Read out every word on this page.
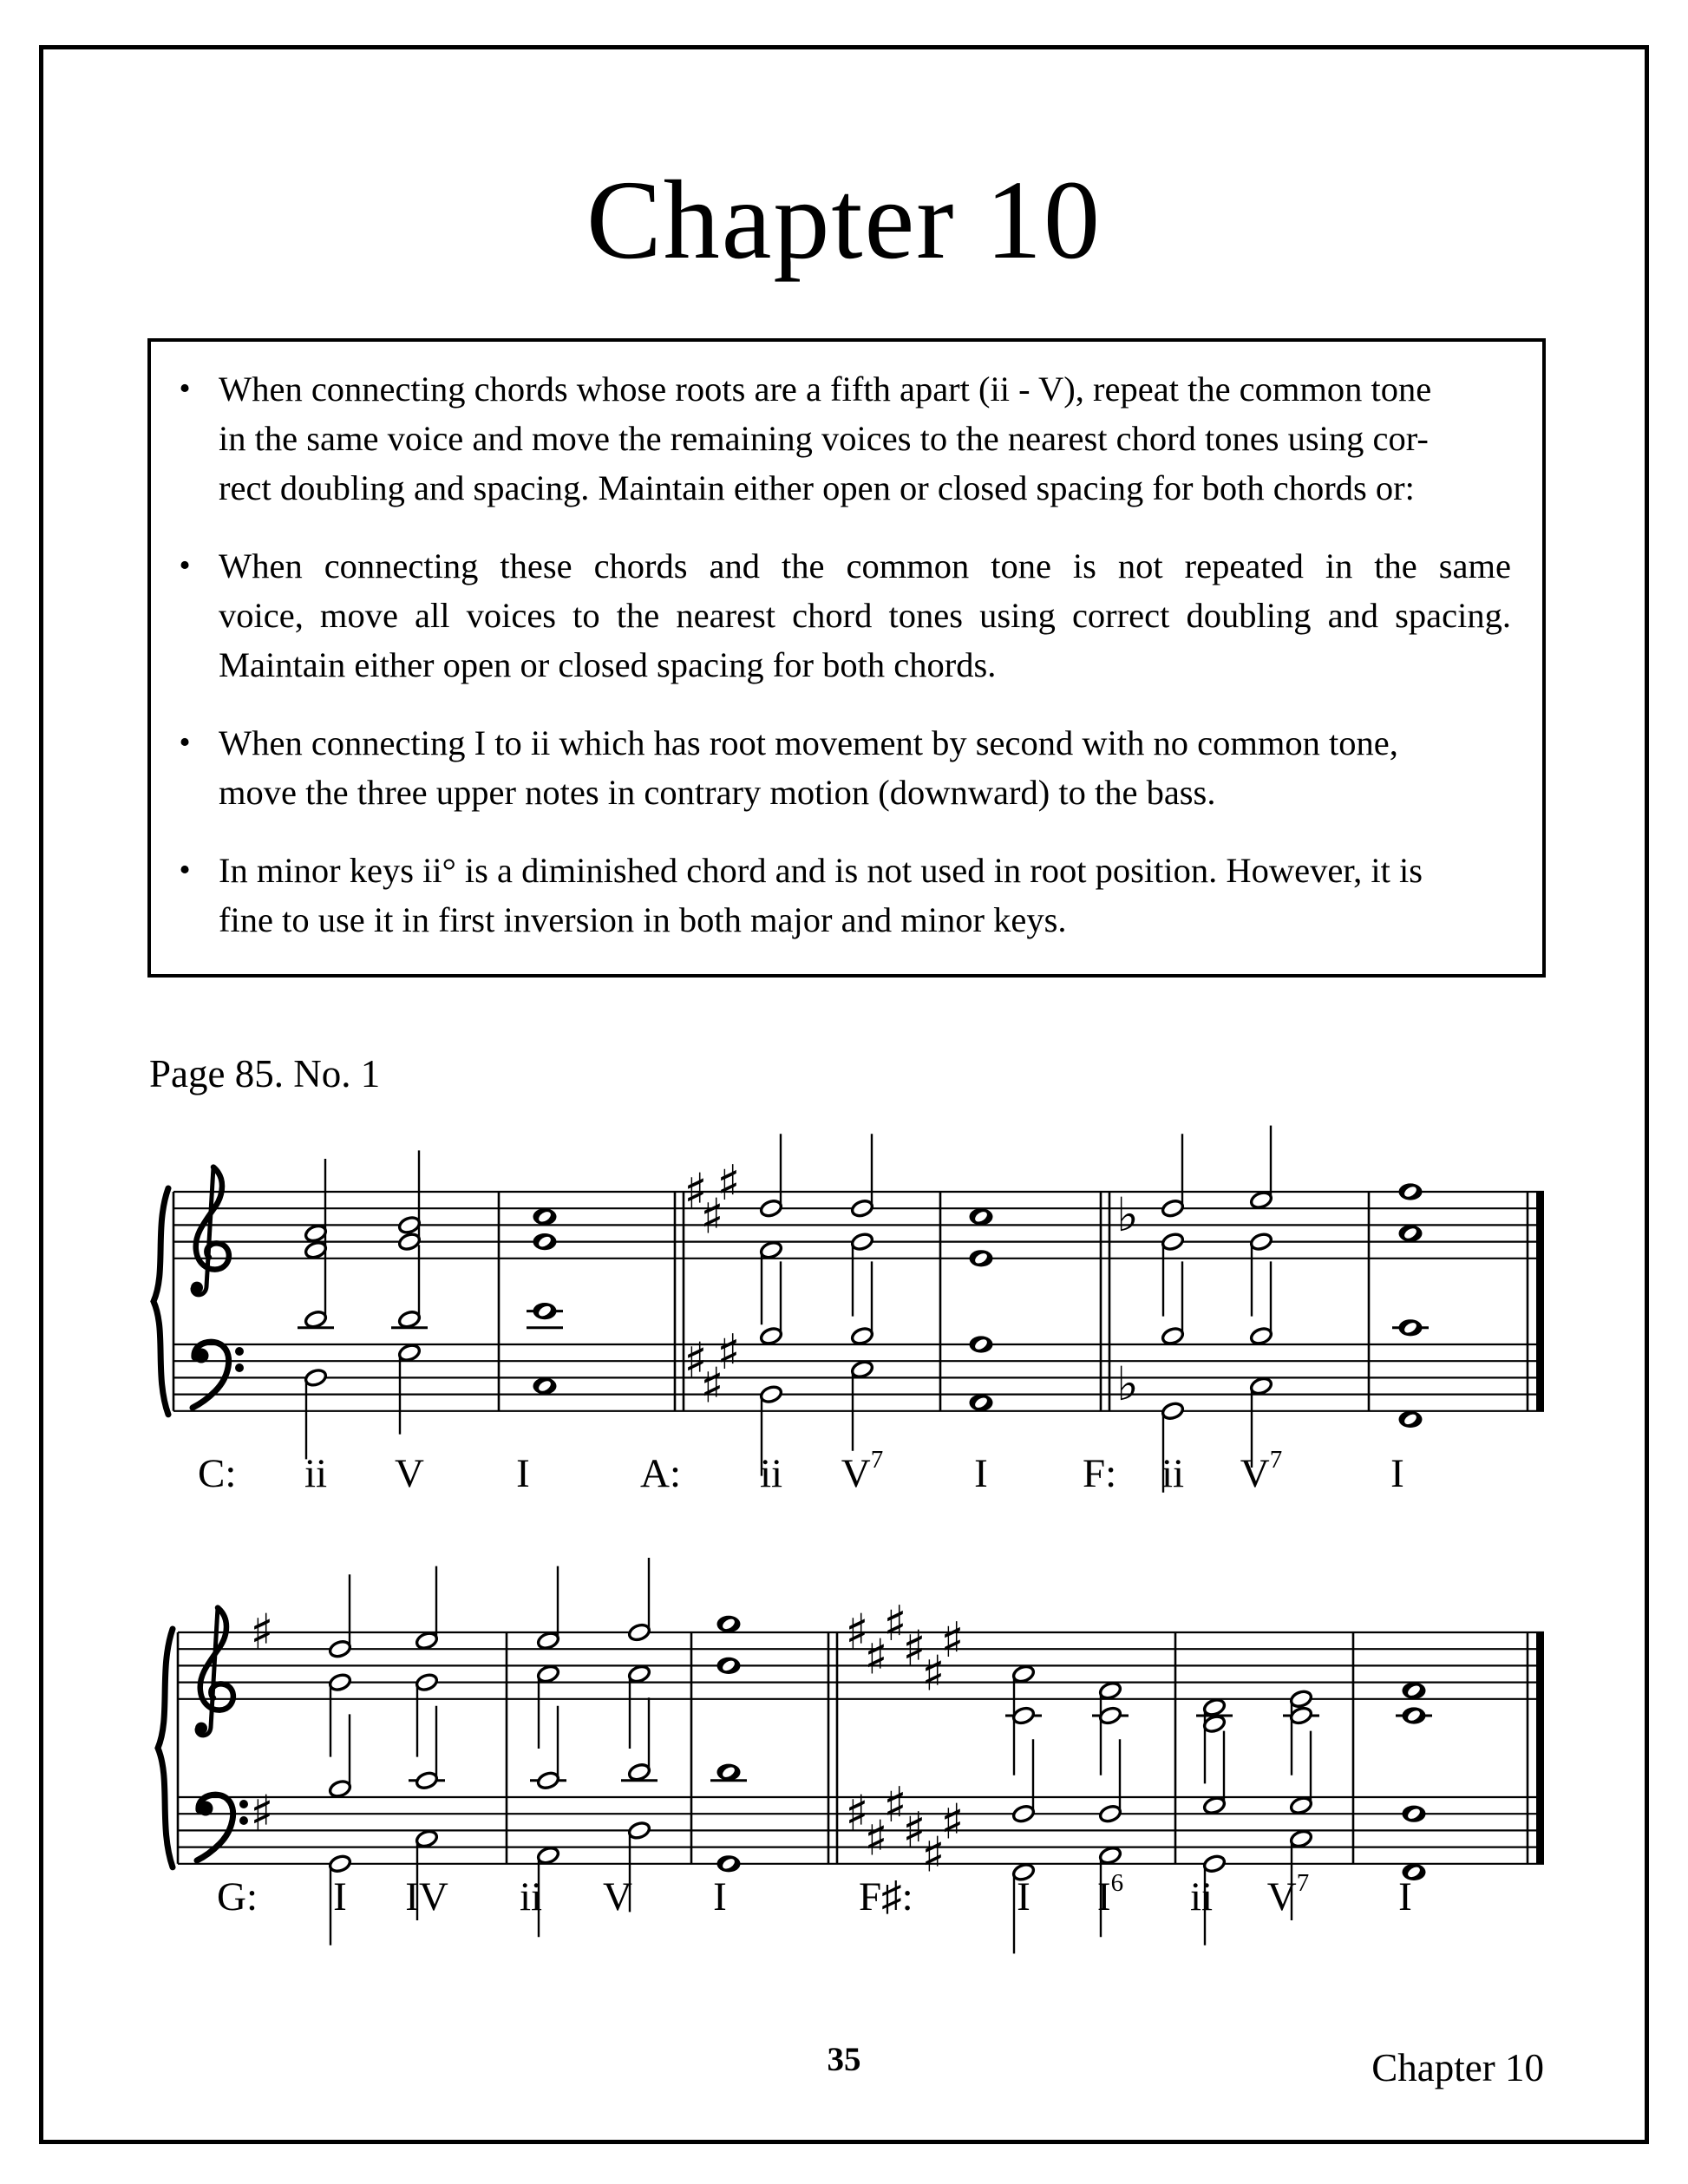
Chapter 10
• When connecting chords whose roots are a fifth apart (ii - V), repeat the common tone
in the same voice and move the remaining voices to the nearest chord tones using cor-
rect doubling and spacing. Maintain either open or closed spacing for both chords or:
• When connecting these chords and the common tone is not repeated in the same
voice, move all voices to the nearest chord tones using correct doubling and spacing.
Maintain either open or closed spacing for both chords.
• When connecting I to ii which has root movement by second with no common tone,
move the three upper notes in contrary motion (downward) to the bass.
• In minor keys ii° is a diminished chord and is not used in root position. However, it is
fine to use it in first inversion in both major and minor keys.
Page 85. No. 1
♯
♯
♯
♯
♯
♯
♭
♭
ii V I	ii $V^7$ I	ii $V^7$	I
C:	A:	F:
♯
♯
♯
♯
♯
♯
♯
♯
♯
♯
♯
♯
♯
♯
I IV ii V I	I $I^6$ ii $V^7$ I
G:	F♯:
35	Chapter 10
